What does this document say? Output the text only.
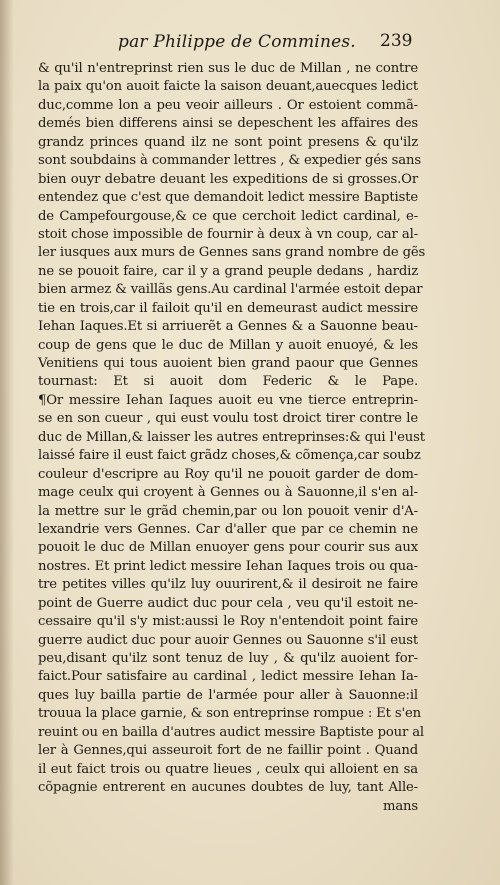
par Philippe de Commines. 239
& qu'il n'entreprinst rien sus le duc de Millan , ne contre
la paix qu'on auoit faicte la saison deuant,auecques ledict
duc,comme lon a peu veoir ailleurs . Or estoient commã-
demés bien differens ainsi se depeschent les affaires des
grandz princes quand ilz ne sont point presens & qu'ilz
sont soubdains à commander lettres , & expedier gés sans
bien ouyr debatre deuant les expeditions de si grosses.Or
entendez que c'est que demandoit ledict messire Baptiste
de Campefourgouse,& ce que cerchoit ledict cardinal, e-
stoit chose impossible de fournir à deux à vn coup, car al-
ler iusques aux murs de Gennes sans grand nombre de gẽs
ne se pouoit faire, car il y a grand peuple dedans , hardiz
bien armez & vaillãs gens.Au cardinal l'armée estoit depar
tie en trois,car il failoit qu'il en demeurast audict messire
Iehan Iaques.Et si arriuerẽt a Gennes & a Sauonne beau-
coup de gens que le duc de Millan y auoit enuoyé, & les
Venitiens qui tous auoient bien grand paour que Gennes
tournast: Et si auoit dom Federic & le Pape.
¶Or messire Iehan Iaques auoit eu vne tierce entreprin-
se en son cueur , qui eust voulu tost droict tirer contre le
duc de Millan,& laisser les autres entreprinses:& qui l'eust
laissé faire il eust faict grãdz choses,& cõmença,car soubz
couleur d'escripre au Roy qu'il ne pouoit garder de dom-
mage ceulx qui croyent à Gennes ou à Sauonne,il s'en al-
la mettre sur le grãd chemin,par ou lon pouoit venir d'A-
lexandrie vers Gennes. Car d'aller que par ce chemin ne
pouoit le duc de Millan enuoyer gens pour courir sus aux
nostres. Et print ledict messire Iehan Iaques trois ou qua-
tre petites villes qu'ilz luy ouurirent,& il desiroit ne faire
point de Guerre audict duc pour cela , veu qu'il estoit ne-
cessaire qu'il s'y mist:aussi le Roy n'entendoit point faire
guerre audict duc pour auoir Gennes ou Sauonne s'il eust
peu,disant qu'ilz sont tenuz de luy , & qu'ilz auoient for-
faict.Pour satisfaire au cardinal , ledict messire Iehan Ia-
ques luy bailla partie de l'armée pour aller à Sauonne:il
trouua la place garnie, & son entreprinse rompue : Et s'en
reuint ou en bailla d'autres audict messire Baptiste pour al
ler à Gennes,qui asseuroit fort de ne faillir point . Quand
il eut faict trois ou quatre lieues , ceulx qui alloient en sa
cõpagnie entrerent en aucunes doubtes de luy, tant Alle-
mans
